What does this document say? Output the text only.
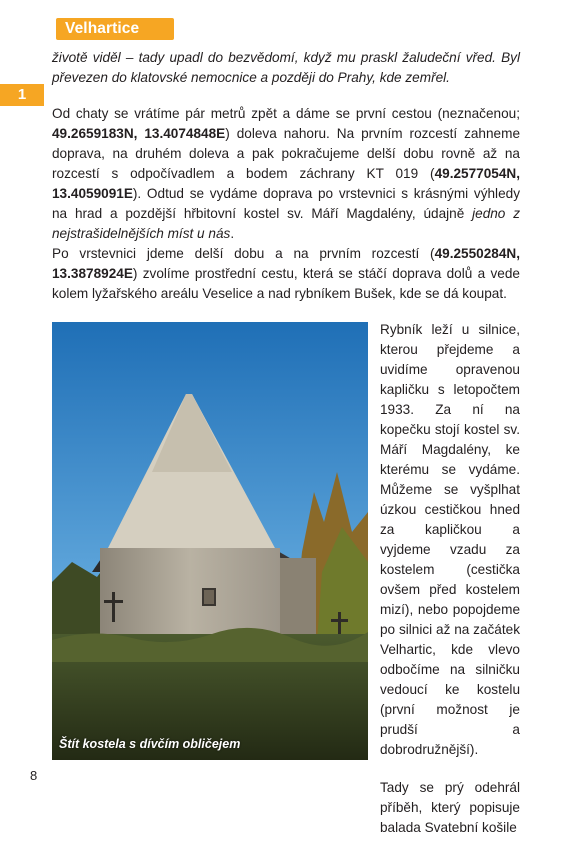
Velhartice
1
životě viděl – tady upadl do bezvědomí, když mu praskl žaludeční vřed. Byl převezen do klatovské nemocnice a později do Prahy, kde zemřel.
Od chaty se vrátíme pár metrů zpět a dáme se první cestou (neznačenou; 49.2659183N, 13.4074848E) doleva nahoru. Na prvním rozcestí zahneme doprava, na druhém doleva a pak pokračujeme delší dobu rovně až na rozcestí s odpočívadlem a bodem záchrany KT 019 (49.2577054N, 13.4059091E). Odtud se vydáme doprava po vrstevnici s krásnými výhledy na hrad a pozdější hřbitovní kostel sv. Máří Magdalény, údajně jedno z nejstrašidelnějších míst u nás.
Po vrstevnici jdeme delší dobu a na prvním rozcestí (49.2550284N, 13.3878924E) zvolíme prostřední cestu, která se stáčí doprava dolů a vede kolem lyžařského areálu Veselice a nad rybníkem Bušek, kde se dá koupat.
Štít kostela s dívčím obličejem

Rybník leží u silnice, kterou přejdeme a uvidíme opravenou kapličku s letopočtem 1933. Za ní na kopečku stojí kostel sv. Máří Magdalény, ke kterému se vydáme. Můžeme se vyšplhat úzkou cestičkou hned za kapličkou a vyjdeme vzadu za kostelem (cestička ovšem před kostelem mizí), nebo popojdeme po silnici až na začátek Velhartic, kde vlevo odbočíme na silničku vedoucí ke kostelu (první možnost je prudší a dobrodružnější).

Tady se prý odehrál příběh, který popisuje balada Svatební košile

8
